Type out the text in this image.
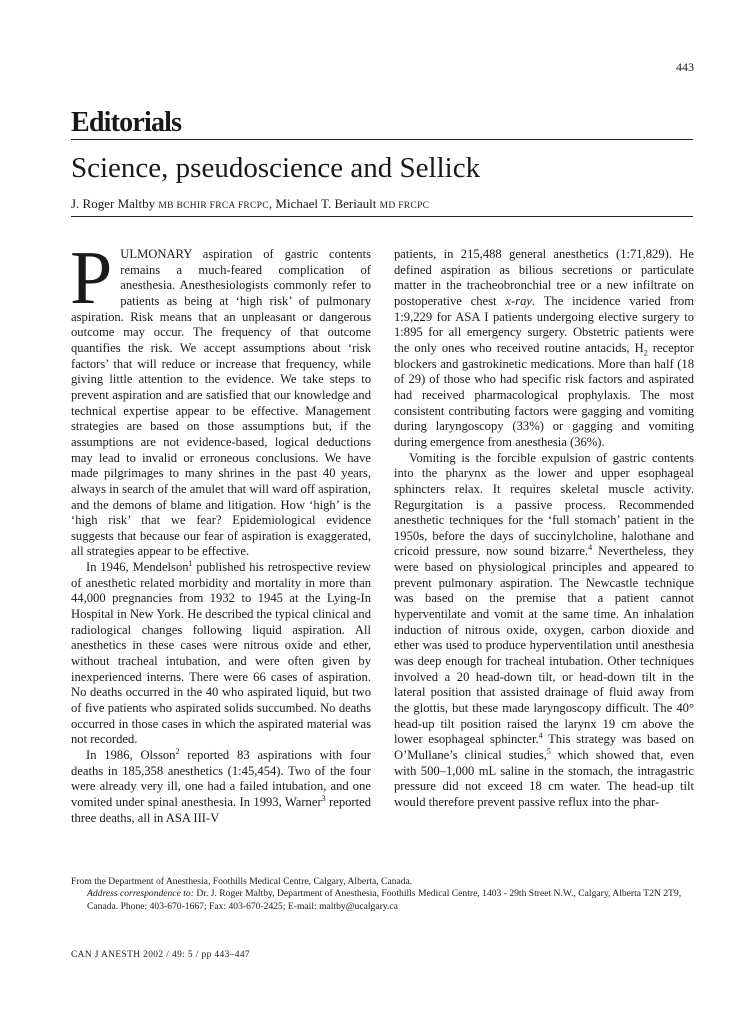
443
Editorials
Science, pseudoscience and Sellick
J. Roger Maltby MB BCHIR FRCA FRCPC, Michael T. Beriault MD FRCPC

PULMONARY aspiration of gastric contents remains a much-feared complication of anesthesia. Anesthesiologists commonly refer to patients as being at ‘high risk’ of pulmonary aspiration. Risk means that an unpleasant or dangerous outcome may occur. The frequency of that outcome quantifies the risk. We accept assumptions about ‘risk factors’ that will reduce or increase that frequency, while giving little attention to the evidence. We take steps to prevent aspiration and are satisfied that our knowledge and technical expertise appear to be effective. Management strategies are based on those assumptions but, if the assumptions are not evidence-based, logical deductions may lead to invalid or erroneous conclusions. We have made pilgrimages to many shrines in the past 40 years, always in search of the amulet that will ward off aspiration, and the demons of blame and litigation. How ‘high’ is the ‘high risk’ that we fear? Epidemiological evidence suggests that because our fear of aspiration is exaggerated, all strategies appear to be effective.

In 1946, Mendelson$^1$ published his retrospective review of anesthetic related morbidity and mortality in more than 44,000 pregnancies from 1932 to 1945 at the Lying-In Hospital in New York. He described the typical clinical and radiological changes following liquid aspiration. All anesthetics in these cases were nitrous oxide and ether, without tracheal intubation, and were often given by inexperienced interns. There were 66 cases of aspiration. No deaths occurred in the 40 who aspirated liquid, but two of five patients who aspirated solids succumbed. No deaths occurred in those cases in which the aspirated material was not recorded.

In 1986, Olsson$^2$ reported 83 aspirations with four deaths in 185,358 anesthetics (1:45,454). Two of the four were already very ill, one had a failed intubation, and one vomited under spinal anesthesia. In 1993, Warner$^3$ reported three deaths, all in ASA III-V

patients, in 215,488 general anesthetics (1:71,829). He defined aspiration as bilious secretions or particulate matter in the tracheobronchial tree or a new infiltrate on postoperative chest x-ray. The incidence varied from 1:9,229 for ASA I patients undergoing elective surgery to 1:895 for all emergency surgery. Obstetric patients were the only ones who received routine antacids, $H_2$ receptor blockers and gastrokinetic medications. More than half (18 of 29) of those who had specific risk factors and aspirated had received pharmacological prophylaxis. The most consistent contributing factors were gagging and vomiting during laryngoscopy (33%) or gagging and vomiting during emergence from anesthesia (36%).

Vomiting is the forcible expulsion of gastric contents into the pharynx as the lower and upper esophageal sphincters relax. It requires skeletal muscle activity. Regurgitation is a passive process. Recommended anesthetic techniques for the ‘full stomach’ patient in the 1950s, before the days of succinylcholine, halothane and cricoid pressure, now sound bizarre.$^4$ Nevertheless, they were based on physiological principles and appeared to prevent pulmonary aspiration. The Newcastle technique was based on the premise that a patient cannot hyperventilate and vomit at the same time. An inhalation induction of nitrous oxide, oxygen, carbon dioxide and ether was used to produce hyperventilation until anesthesia was deep enough for tracheal intubation. Other techniques involved a 20 head-down tilt, or head-down tilt in the lateral position that assisted drainage of fluid away from the glottis, but these made laryngoscopy difficult. The 40° head-up tilt position raised the larynx 19 cm above the lower esophageal sphincter.$^4$ This strategy was based on O’Mullane’s clinical studies,$^5$ which showed that, even with 500–1,000 mL saline in the stomach, the intragastric pressure did not exceed 18 cm water. The head-up tilt would therefore prevent passive reflux into the phar-

From the Department of Anesthesia, Foothills Medical Centre, Calgary, Alberta, Canada.
Address correspondence to: Dr. J. Roger Maltby, Department of Anesthesia, Foothills Medical Centre, 1403 - 29th Street N.W., Calgary, Alberta T2N 2T9, Canada. Phone: 403-670-1667; Fax: 403-670-2425; E-mail: maltby@ucalgary.ca
CAN J ANESTH 2002 / 49: 5 / pp 443–447
